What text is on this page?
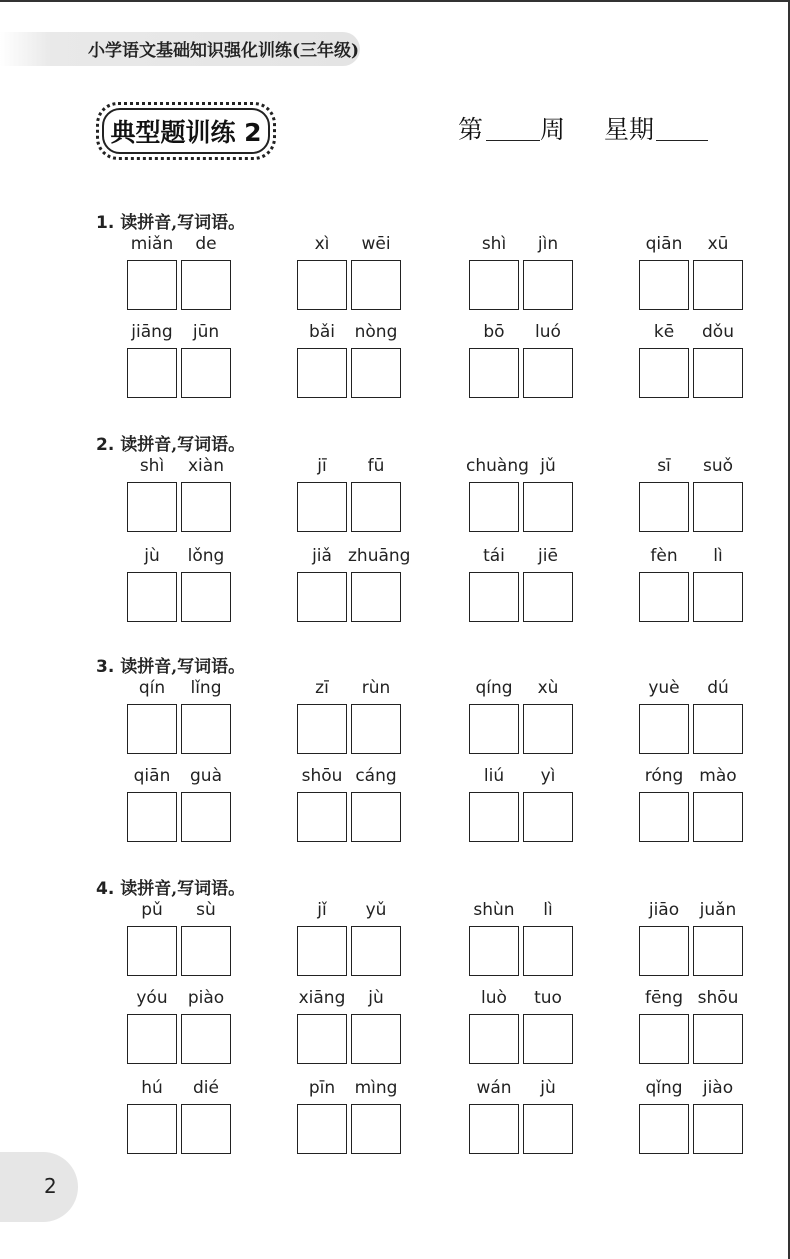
小学语文基础知识强化训练(三年级)
典型题训练 2	第 周 星期
1. 读拼音,写词语。
miǎn	de	xì	wēi	shì	jìn	qiān	xū
jiāng	jūn	bǎi	nòng	bō	luó	kē	dǒu
2. 读拼音,写词语。
shì	xiàn	jī	fū	chuàng jǔ	sī	suǒ
jù	lǒng	jiǎ zhuāng	tái	jiē	fèn	lì
3. 读拼音,写词语。
qín	lǐng	zī	rùn	qíng	xù	yuè	dú
qiān	guà	shōu cáng	liú	yì	róng mào
4. 读拼音,写词语。
pǔ	sù	jǐ	yǔ	shùn	lì	jiāo	juǎn
yóu	piào	xiāng	jù	luò	tuo	fēng shōu
hú	dié	pīn	mìng	wán	jù	qǐng	jiào
2
